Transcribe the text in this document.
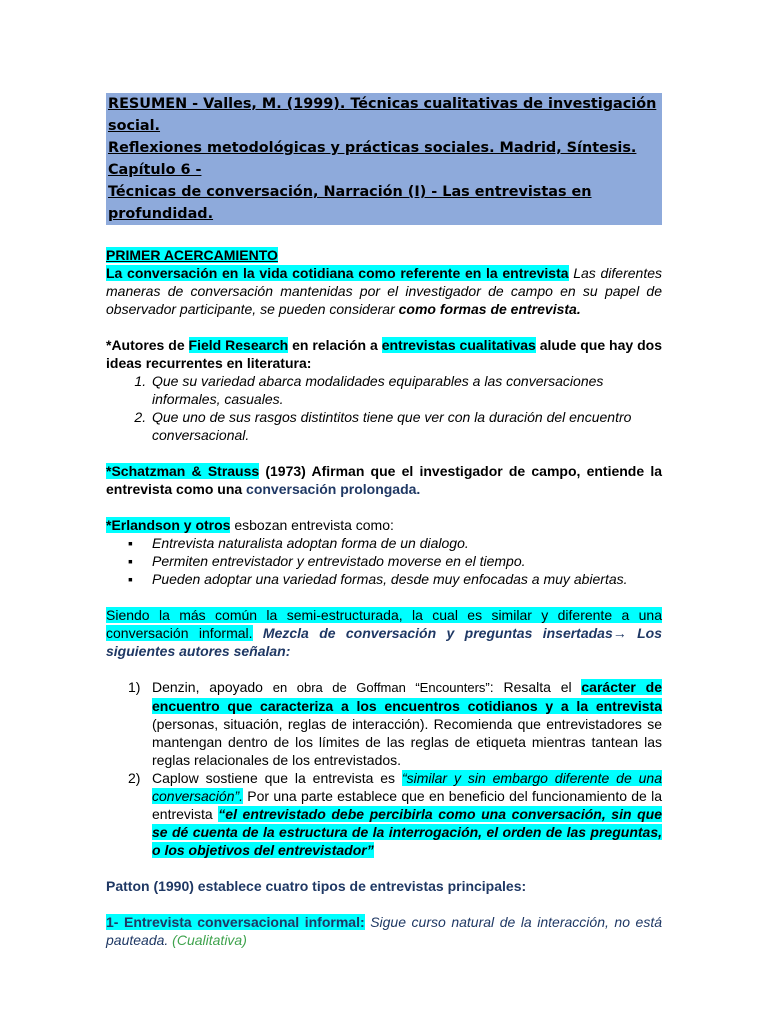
RESUMEN - Valles, M. (1999). Técnicas cualitativas de investigación social.
Reflexiones metodológicas y prácticas sociales. Madrid, Síntesis. Capítulo 6 -
Técnicas de conversación, Narración (I) - Las entrevistas en profundidad.

PRIMER ACERCAMIENTO

La conversación en la vida cotidiana como referente en la entrevista Las diferentes maneras de conversación mantenidas por el investigador de campo en su papel de observador participante, se pueden considerar como formas de entrevista.

*Autores de Field Research en relación a entrevistas cualitativas alude que hay dos ideas recurrentes en literatura:

1. Que su variedad abarca modalidades equiparables a las conversaciones informales, casuales.
2. Que uno de sus rasgos distintitos tiene que ver con la duración del encuentro conversacional.

*Schatzman & Strauss (1973) Afirman que el investigador de campo, entiende la entrevista como una conversación prolongada.

*Erlandson y otros esbozan entrevista como:

▪ Entrevista naturalista adoptan forma de un dialogo.
▪ Permiten entrevistador y entrevistado moverse en el tiempo.
▪ Pueden adoptar una variedad formas, desde muy enfocadas a muy abiertas.

Siendo la más común la semi-estructurada, la cual es similar y diferente a una conversación informal. Mezcla de conversación y preguntas insertadas→ Los siguientes autores señalan:

1) Denzin, apoyado en obra de Goffman “Encounters”: Resalta el carácter de encuentro que caracteriza a los encuentros cotidianos y a la entrevista (personas, situación, reglas de interacción). Recomienda que entrevistadores se mantengan dentro de los límites de las reglas de etiqueta mientras tantean las reglas relacionales de los entrevistados.
2) Caplow sostiene que la entrevista es “similar y sin embargo diferente de una conversación”. Por una parte establece que en beneficio del funcionamiento de la entrevista “el entrevistado debe percibirla como una conversación, sin que se dé cuenta de la estructura de la interrogación, el orden de las preguntas, o los objetivos del entrevistador”

Patton (1990) establece cuatro tipos de entrevistas principales:

1- Entrevista conversacional informal: Sigue curso natural de la interacción, no está pauteada. (Cualitativa)
